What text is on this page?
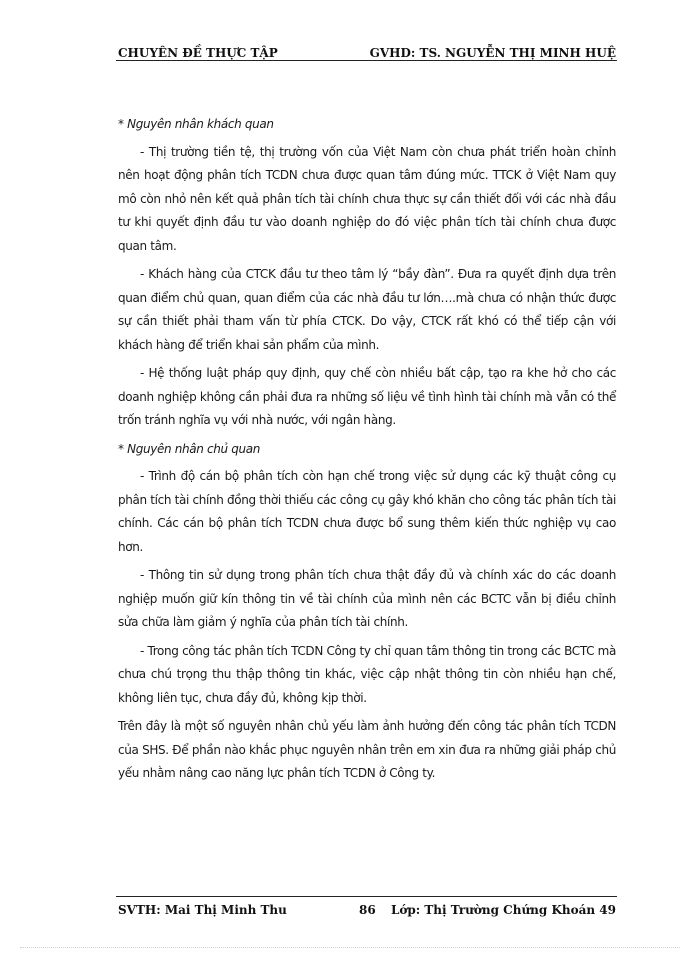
CHUYÊN ĐỀ THỰC TẬP	GVHD: TS. NGUYỄN THỊ MINH HUỆ

* Nguyên nhân khách quan

- Thị trường tiền tệ, thị trường vốn của Việt Nam còn chưa phát triển hoàn chỉnh nên hoạt động phân tích TCDN chưa được quan tâm đúng mức. TTCK ở Việt Nam quy mô còn nhỏ nên kết quả phân tích tài chính chưa thực sự cần thiết đối với các nhà đầu tư khi quyết định đầu tư vào doanh nghiệp do đó việc phân tích tài chính chưa được quan tâm.

- Khách hàng của CTCK đầu tư theo tâm lý “bầy đàn”. Đưa ra quyết định dựa trên quan điểm chủ quan, quan điểm của các nhà đầu tư lớn….mà chưa có nhận thức được sự cần thiết phải tham vấn từ phía CTCK. Do vậy, CTCK rất khó có thể tiếp cận với khách hàng để triển khai sản phẩm của mình.

- Hệ thống luật pháp quy định, quy chế còn nhiều bất cập, tạo ra khe hở cho các doanh nghiệp không cần phải đưa ra những số liệu về tình hình tài chính mà vẫn có thể trốn tránh nghĩa vụ với nhà nước, với ngân hàng.

* Nguyên nhân chủ quan

- Trình độ cán bộ phân tích còn hạn chế trong việc sử dụng các kỹ thuật công cụ phân tích tài chính đồng thời thiếu các công cụ gây khó khăn cho công tác phân tích tài chính. Các cán bộ phân tích TCDN chưa được bổ sung thêm kiến thức nghiệp vụ cao hơn.

- Thông tin sử dụng trong phân tích chưa thật đầy đủ và chính xác do các doanh nghiệp muốn giữ kín thông tin về tài chính của mình nên các BCTC vẫn bị điều chỉnh sửa chữa làm giảm ý nghĩa của phân tích tài chính.

- Trong công tác phân tích TCDN Công ty chỉ quan tâm thông tin trong các BCTC mà chưa chú trọng thu thập thông tin khác, việc cập nhật thông tin còn nhiều hạn chế, không liên tục, chưa đầy đủ, không kịp thời.

Trên đây là một số nguyên nhân chủ yếu làm ảnh hưởng đến công tác phân tích TCDN của SHS. Để phần nào khắc phục nguyên nhân trên em xin đưa ra những giải pháp chủ yếu nhằm nâng cao năng lực phân tích TCDN ở Công ty.

SVTH: Mai Thị Minh Thu	86 Lớp: Thị Trường Chứng Khoán 49
